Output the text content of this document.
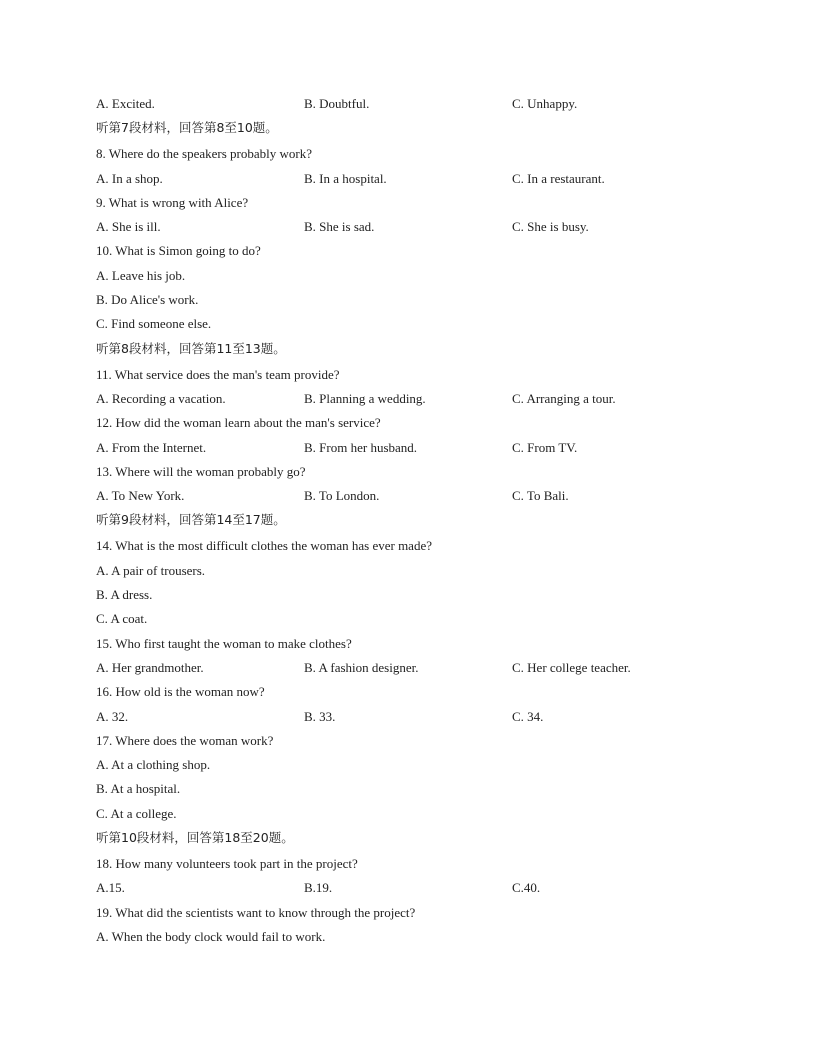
A. Excited.	B. Doubtful.	C. Unhappy.
听第7段材料，回答第8至10题。
8. Where do the speakers probably work?
A. In a shop.	B. In a hospital.	C. In a restaurant.
9. What is wrong with Alice?
A. She is ill.	B. She is sad.	C. She is busy.
10. What is Simon going to do?
A. Leave his job.
B. Do Alice's work.
C. Find someone else.
听第8段材料，回答第11至13题。
11. What service does the man's team provide?
A. Recording a vacation.	B. Planning a wedding.	C. Arranging a tour.
12. How did the woman learn about the man's service?
A. From the Internet.	B. From her husband.	C. From TV.
13. Where will the woman probably go?
A. To New York.	B. To London.	C. To Bali.
听第9段材料，回答第14至17题。
14. What is the most difficult clothes the woman has ever made?
A. A pair of trousers.
B. A dress.
C. A coat.
15. Who first taught the woman to make clothes?
A. Her grandmother.	B. A fashion designer.	C. Her college teacher.
16. How old is the woman now?
A. 32.	B. 33.	C. 34.
17. Where does the woman work?
A. At a clothing shop.
B. At a hospital.
C. At a college.
听第10段材料，回答第18至20题。
18. How many volunteers took part in the project?
A.15.	B.19.	C.40.
19. What did the scientists want to know through the project?
A. When the body clock would fail to work.
